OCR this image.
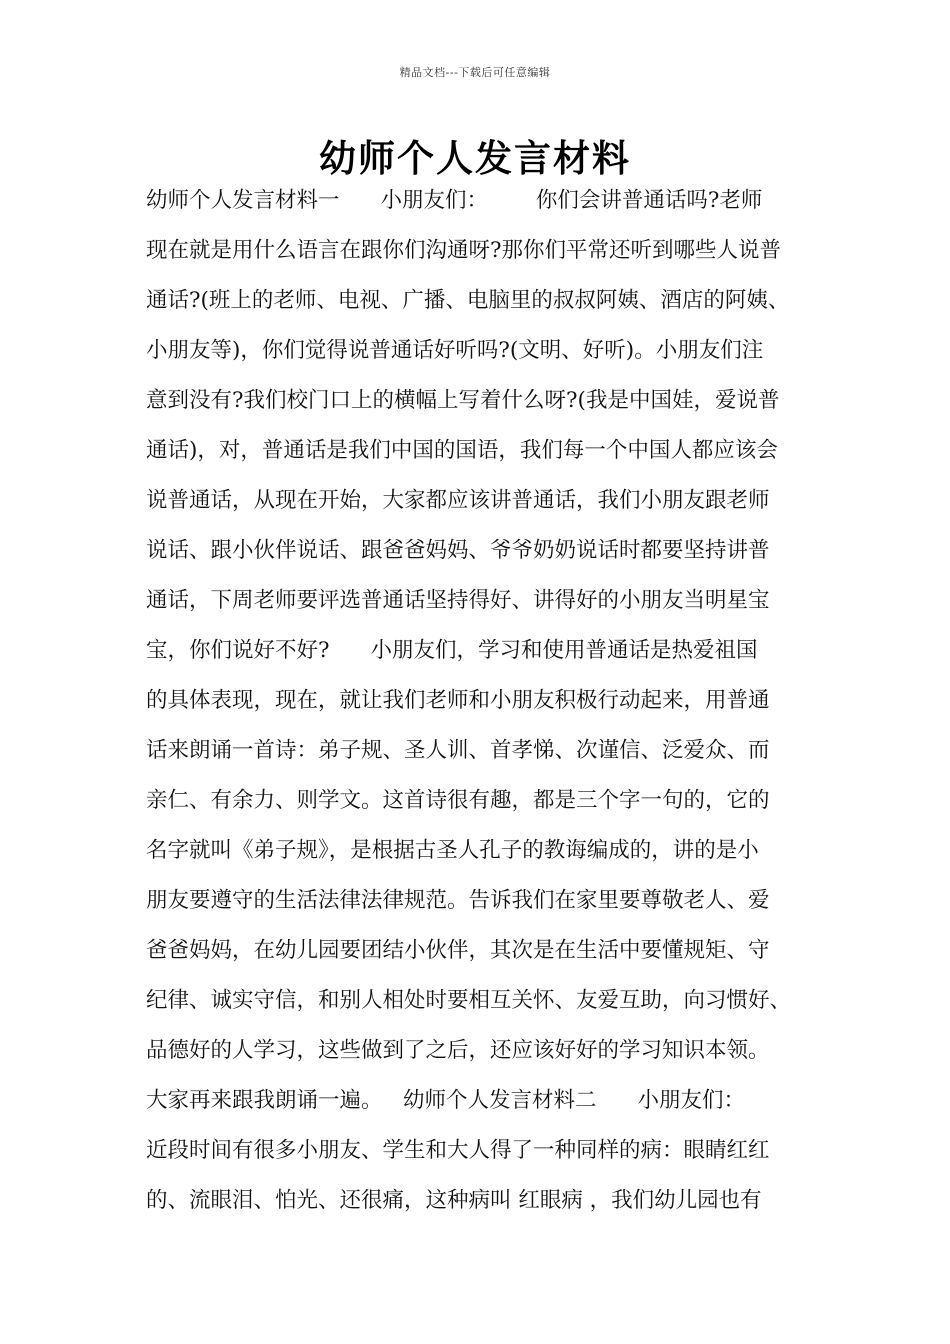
精品文档---下载后可任意编辑
幼师个人发言材料
幼师个人发言材料一      小朋友们：       你们会讲普通话吗?老师
现在就是用什么语言在跟你们沟通呀?那你们平常还听到哪些人说普
通话?(班上的老师、电视、广播、电脑里的叔叔阿姨、酒店的阿姨、
小朋友等)，你们觉得说普通话好听吗?(文明、好听)。小朋友们注
意到没有?我们校门口上的横幅上写着什么呀?(我是中国娃，爱说普
通话)，对，普通话是我们中国的国语，我们每一个中国人都应该会
说普通话，从现在开始，大家都应该讲普通话，我们小朋友跟老师
说话、跟小伙伴说话、跟爸爸妈妈、爷爷奶奶说话时都要坚持讲普
通话，下周老师要评选普通话坚持得好、讲得好的小朋友当明星宝
宝，你们说好不好?      小朋友们，学习和使用普通话是热爱祖国
的具体表现，现在，就让我们老师和小朋友积极行动起来，用普通
话来朗诵一首诗：弟子规、圣人训、首孝悌、次谨信、泛爱众、而
亲仁、有余力、则学文。这首诗很有趣，都是三个字一句的，它的
名字就叫《弟子规》，是根据古圣人孔子的教诲编成的，讲的是小
朋友要遵守的生活法律法律规范。告诉我们在家里要尊敬老人、爱
爸爸妈妈，在幼儿园要团结小伙伴，其次是在生活中要懂规矩、守
纪律、诚实守信，和别人相处时要相互关怀、友爱互助，向习惯好、
品德好的人学习，这些做到了之后，还应该好好的学习知识本领。
大家再来跟我朗诵一遍。   幼师个人发言材料二      小朋友们：
近段时间有很多小朋友、学生和大人得了一种同样的病：眼睛红红
的、流眼泪、怕光、还很痛，这种病叫 红眼病 ，我们幼儿园也有
